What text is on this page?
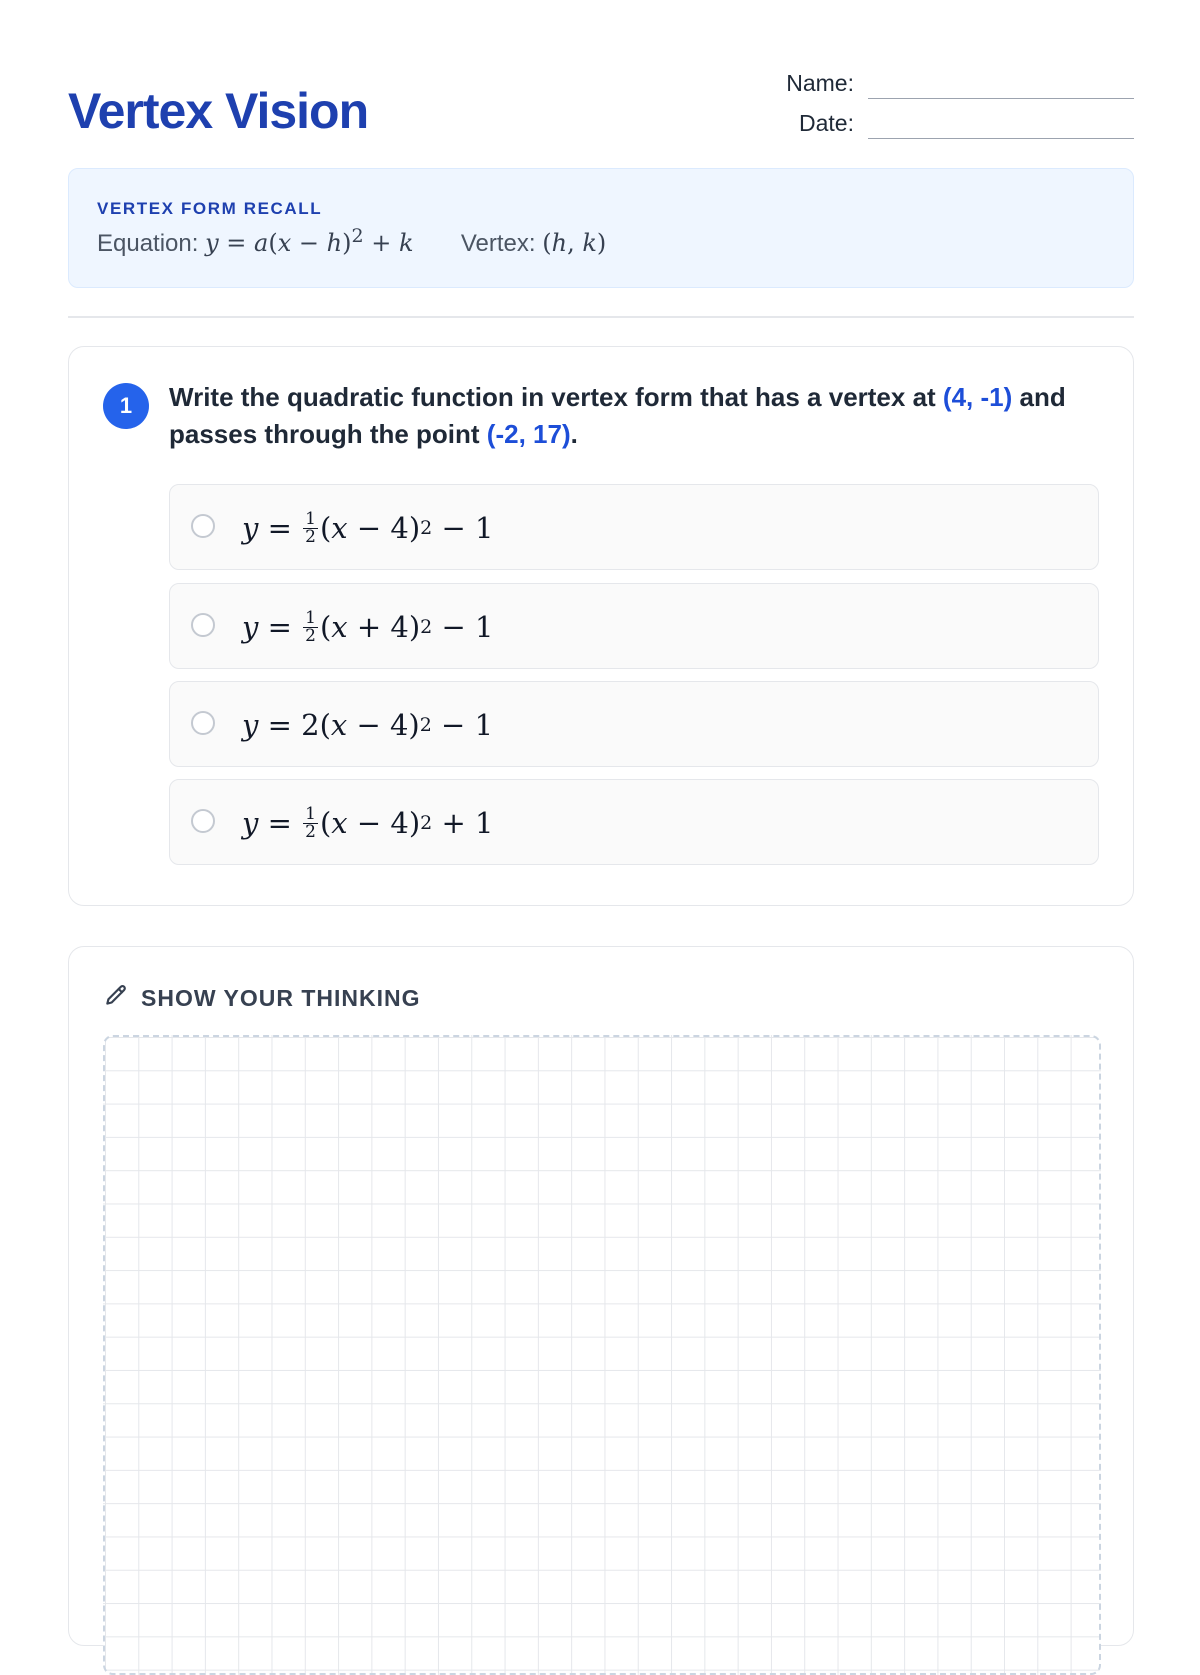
Vertex Vision	Name:
Date:
VERTEX FORM RECALL
Equation: $y = a(x - h)^2 + k$ Vertex: (h, k)
1	Write the quadratic function in vertex form that has a vertex at (4, -1) and passes through the point (-2, 17).
$y = \frac{1}{2}$ ( x − 4) 2 − 1
$y = \frac{1}{2}$ ( x + 4) 2 − 1
y = 2( x − 4) 2 − 1
$y = \frac{1}{2}$ ( x − 4) 2 + 1
SHOW YOUR THINKING
